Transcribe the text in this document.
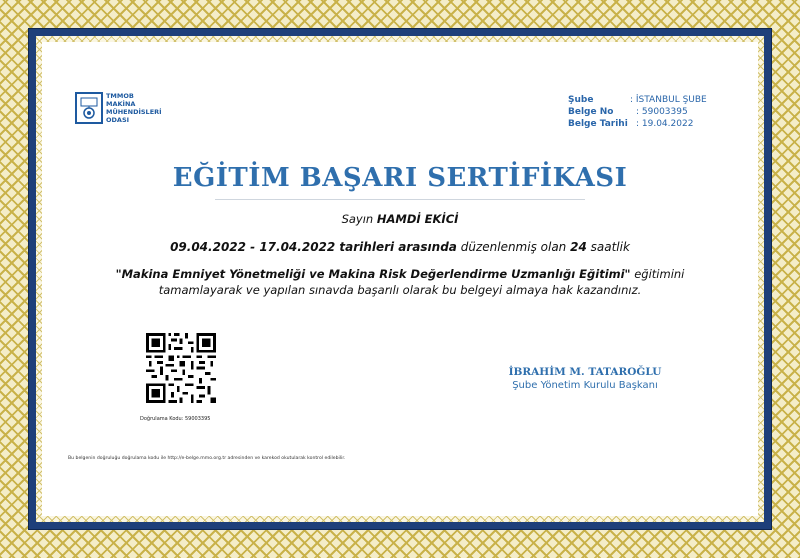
TMMOB
MAKİNA
MÜHENDİSLERİ
ODASI
Şube	: İSTANBUL ŞUBE
Belge No	: 59003395
Belge Tarihi : 19.04.2022
EĞİTİM BAŞARI SERTİFİKASI
Sayın HAMDİ EKİCİ
09.04.2022 - 17.04.2022 tarihleri arasında düzenlenmiş olan 24 saatlik
"Makina Emniyet Yönetmeliği ve Makina Risk Değerlendirme Uzmanlığı Eğitimi" eğitimini
tamamlayarak ve yapılan sınavda başarılı olarak bu belgeyi almaya hak kazandınız.
Doğrulama Kodu: 59003395
İBRAHİM M. TATAROĞLU
Şube Yönetim Kurulu Başkanı
Bu belgenin doğruluğu doğrulama kodu ile http://e-belge.mmo.org.tr adresinden ve karekod okutularak kontrol edilebilir.
